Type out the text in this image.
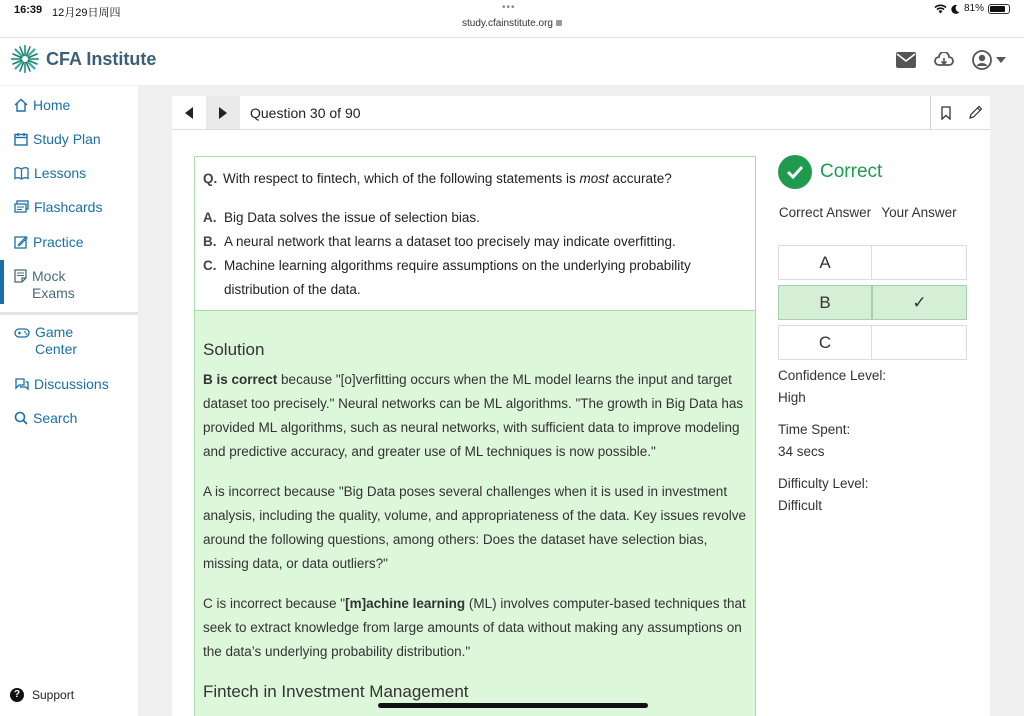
16:39 12月29日周四	•••
study.cfainstitute.org
81%
CFA Institute
Home
Study Plan
Lessons
Flashcards
Practice
Mock
Exams
Game
Center
Discussions
Search
? Support
Question 30 of 90

Q. With respect to fintech, which of the following statements is most accurate?

A. Big Data solves the issue of selection bias.
B. A neural network that learns a dataset too precisely may indicate overfitting.
C. Machine learning algorithms require assumptions on the underlying probability distribution of the data.
Solution

B is correct because "[o]verfitting occurs when the ML model learns the input and target dataset too precisely." Neural networks can be ML algorithms. "The growth in Big Data has provided ML algorithms, such as neural networks, with sufficient data to improve modeling and predictive accuracy, and greater use of ML techniques is now possible."

A is incorrect because "Big Data poses several challenges when it is used in investment analysis, including the quality, volume, and appropriateness of the data. Key issues revolve around the following questions, among others: Does the dataset have selection bias, missing data, or data outliers?"

C is incorrect because "[m]achine learning (ML) involves computer-based techniques that seek to extract knowledge from large amounts of data without making any assumptions on the data’s underlying probability distribution."

Fintech in Investment Management
Correct
Correct Answer Your Answer
A
B	✓
C
Confidence Level:
High
Time Spent:
34 secs
Difficulty Level:
Difficult
